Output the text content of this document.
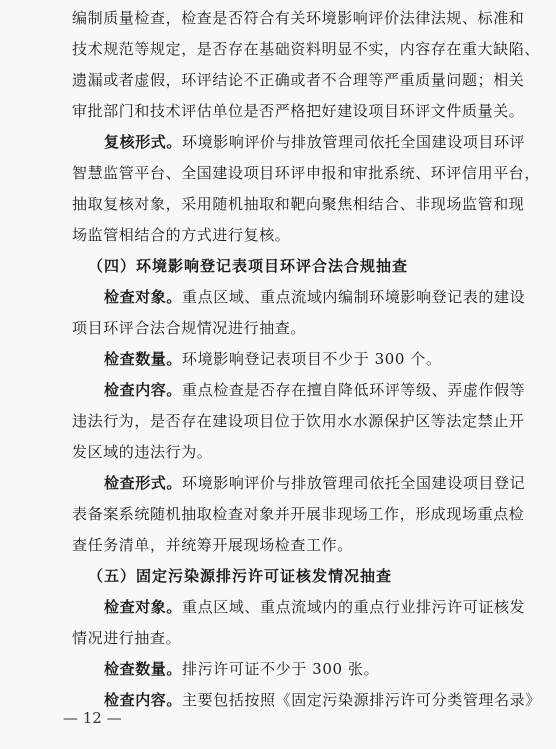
编制质量检查，检查是否符合有关环境影响评价法律法规、标准和
技术规范等规定，是否存在基础资料明显不实，内容存在重大缺陷、
遗漏或者虚假，环评结论不正确或者不合理等严重质量问题；相关
审批部门和技术评估单位是否严格把好建设项目环评文件质量关。
复核形式。环境影响评价与排放管理司依托全国建设项目环评
智慧监管平台、全国建设项目环评申报和审批系统、环评信用平台，
抽取复核对象，采用随机抽取和靶向聚焦相结合、非现场监管和现
场监管相结合的方式进行复核。
（四）环境影响登记表项目环评合法合规抽查
检查对象。重点区域、重点流域内编制环境影响登记表的建设
项目环评合法合规情况进行抽查。
检查数量。环境影响登记表项目不少于 300 个。
检查内容。重点检查是否存在擅自降低环评等级、弄虚作假等
违法行为，是否存在建设项目位于饮用水水源保护区等法定禁止开
发区域的违法行为。
检查形式。环境影响评价与排放管理司依托全国建设项目登记
表备案系统随机抽取检查对象并开展非现场工作，形成现场重点检
查任务清单，并统筹开展现场检查工作。
（五）固定污染源排污许可证核发情况抽查
检查对象。重点区域、重点流域内的重点行业排污许可证核发
情况进行抽查。
检查数量。排污许可证不少于 300 张。
检查内容。主要包括按照《固定污染源排污许可分类管理名录》
— 12 —
